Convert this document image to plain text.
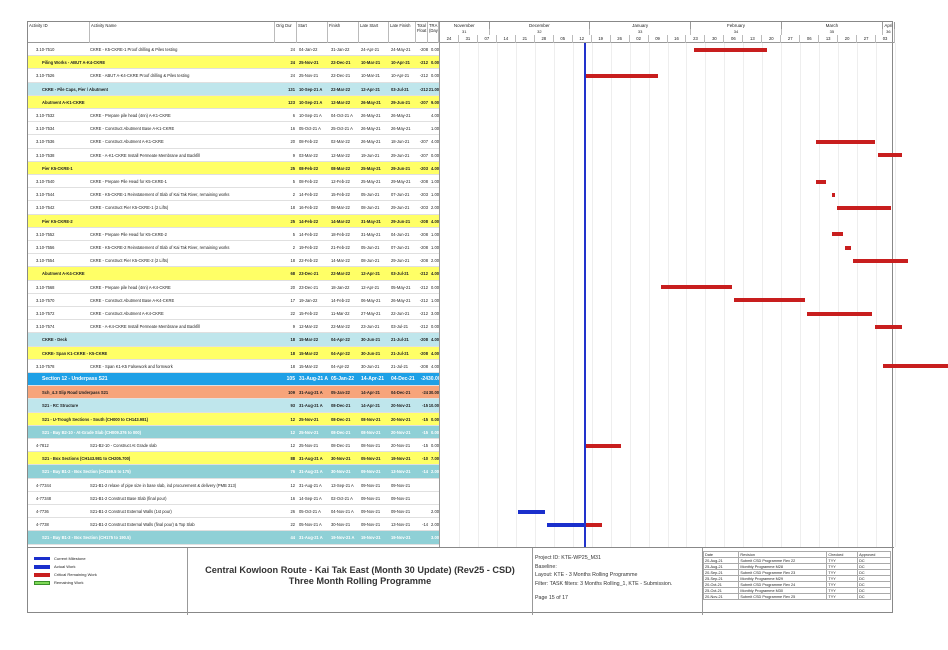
Activity ID	Activity Name	Orig Dur	Start	Finish	Late Start	Late Finish	Total Float
TRA (Day
3.10-7510	CKRE - K5-CKRE-1 Proof drilling & Piles testing	24 04-Jan-22	31-Jan-22	24-Apr-21	24-May-21	-208 0.00
Piling Works - ABUT A-K4-CKRE	24 25-Nov-21	22-Dec-21	10-Mar-21	10-Apr-21	-212 0.00
3.10-7526	CKRE - ABUT A-K4-CKRE Proof drilling & Piles testing	24 25-Nov-21	22-Dec-21	10-Mar-21	10-Apr-21	-212 0.00
CKRE - Pile Caps, Pier / Abutment	131 10-Sep-21 A	22-Mar-22	12-Apr-21	03-Jul-21	-212 21.00
Abutment A-K1-CKRE	123 10-Sep-21 A	12-Mar-22	26-May-21	29-Jun-21	-207 9.00
3.10-7532	CKRE - Prepare pile head (4nn) A-K1-CKRE	6 10-Sep-21 A	04-Oct-21 A	26-May-21	26-May-21	4.00
3.10-7534	CKRE - Construct Abutment Base A-K1-CKRE	16 05-Oct-21 A	25-Oct-21 A	26-May-21	26-May-21	1.00
3.10-7536	CKRE - Construct Abutment A-K1-CKRE	20 08-Feb-22	02-Mar-22	26-May-21	18-Jun-21	-207 4.00
3.10-7538	CKRE - A-K1-CKRE Install Permeate Membrane and Backfill	9 03-Mar-22	12-Mar-22	19-Jun-21	29-Jun-21	-207 0.00
Pier K5-CKRE-1	25 08-Feb-22	08-Mar-22	25-May-21	29-Jun-21	-203 4.00
3.10-7540	CKRE - Prepare Pile Head for K5-CKRE-1	5 08-Feb-22	12-Feb-22	25-May-21	29-May-21	-208 1.00
3.10-7544	CKRE - K5-CKRE-1 Reinstatement of Slab of Kai Tak River, remaining works	2 14-Feb-22	15-Feb-22	05-Jun-21	07-Jun-21	-203 1.00
3.10-7542	CKRE - Construct Pier K5-CKRE-1 (2 Lifts)	18 16-Feb-22	08-Mar-22	08-Jun-21	29-Jun-21	-203 2.00
Pier K5-CKRE-2	25 14-Feb-22	14-Mar-22	31-May-21	29-Jun-21	-208 4.00
3.10-7552	CKRE - Prepare Pile Head for K5-CKRE-2	5 14-Feb-22	18-Feb-22	31-May-21	04-Jun-21	-208 1.00
3.10-7556	CKRE - K5-CKRE-2 Reinstatement of Slab of Kai Tak River, remaining works	2 19-Feb-22	21-Feb-22	05-Jun-21	07-Jun-21	-208 1.00
3.10-7554	CKRE - Construct Pier K5-CKRE-2 (2 Lifts)	18 22-Feb-22	14-Mar-22	08-Jun-21	29-Jun-21	-208 2.00
Abutment A-K4-CKRE	68 23-Dec-21	22-Mar-22	12-Apr-21	03-Jul-21	-212 4.00
3.10-7568	CKRE - Prepare pile head (4nn) A-K4-CKRE	20 23-Dec-21	18-Jan-22	12-Apr-21	05-May-21	-212 0.00
3.10-7570	CKRE - Construct Abutment Base A-K4-CKRE	17 19-Jan-22	14-Feb-22	06-May-21	26-May-21	-212 1.00
3.10-7572	CKRE - Construct Abutment A-K4-CKRE	22 15-Feb-22	11-Mar-22	27-May-21	22-Jun-21	-212 3.00
3.10-7574	CKRE - A-K4-CKRE Install Permeate Membrane and Backfill	9 12-Mar-22	22-Mar-22	23-Jun-21	03-Jul-21	-212 0.00
CKRE - Deck	18 15-Mar-22	04-Apr-22	30-Jun-21	21-Jul-21	-208 4.00
CKRE- Span K1-CKRE - K5-CKRE	18 15-Mar-22	04-Apr-22	30-Jun-21	21-Jul-21	-208 4.00
3.10-7578	CKRE - Span K1-K5 Falsework and formwork	18 15-Mar-22	04-Apr-22	30-Jun-21	21-Jul-21	-208 4.00
Section 12 - Underpass S21	105 31-Aug-21 A 05-Jan-22	14-Apr-21	04-Dec-21	-24 30.00
Sch_4.3 Slip Road Underpass S21	109 31-Aug-21 A	05-Jan-22	14-Apr-21	04-Dec-21	-24 30.00
S21 - RC Structure	93 31-Aug-21 A	08-Dec-21	14-Apr-21	20-Nov-21	-15 10.00
S21 - U-Trough Sections - South (CH000 to CH143.981)	12 25-Nov-21	08-Dec-21	08-Nov-21	20-Nov-21	-15 0.00
S21 - Bay B2-10 - At-Grade Slab (CH009.376 to 000)	12 25-Nov-21	08-Dec-21	08-Nov-21	20-Nov-21	-15 0.00
4-7812	S21-B2-10 - Construct At Grade slab	12 25-Nov-21	08-Dec-21	08-Nov-21	20-Nov-21	-15 0.00
S21 - Box Sections (CH143.981 to CH205.700)	88 31-Aug-21 A	30-Nov-21	05-Nov-21	19-Nov-21	-10 7.00
S21 - Bay B1-2 - Box Section (CH159.5 to 175)	76 31-Aug-21 A	30-Nov-21	09-Nov-21	13-Nov-21	-14 2.00
4-77344	S21-B1-2 relaxe of pipe size in base slab, ind procurement & delivery (PMB 313)	12 31-Aug-21 A	13-Sep-21 A	09-Nov-21	09-Nov-21
4-77348	S21-B1-2 Construct Base Slab (final pour)	16 14-Sep-21 A	02-Oct-21 A	09-Nov-21	09-Nov-21
4-7736	S21-B1-2 Construct External Walls (1st pour)	26 05-Oct-21 A	04-Nov-21 A	09-Nov-21	09-Nov-21	2.00
4-7738	S21-B1-2 Construct External Walls (final pour) & Top Slab	22 05-Nov-21 A	30-Nov-21	09-Nov-21	13-Nov-21	-14 2.00
S21 - Bay B1-3 - Box Section (CH175 to 190.5)	44 31-Aug-21 A	19-Nov-21 A	19-Nov-21	19-Nov-21	3.00
November	December	January	February	March	Apri
31	32	33	34	35	36
24	31	07	14	21	28	05	12	19	26	02	09	16	23	30	06	13	20	27	06	13	20	27	03
Current Milestone
Actual Work
Critical Remaining Work
Remaining Work
Central Kowloon Route - Kai Tak East (Month 30 Update) (Rev25 - CSD)
Three Month Rolling Programme
Project ID: KTE-WP25_M31
Baseline:
Layout: KTE - 3 Months Rolling Programme
Filter: TASK filters: 3 Months Rolling_1, KTE - Submission.
Page 15 of 17
Date	Revision	Checked	Approved
20-Aug-21	Submit CSD Programme Rev 22	TYY	DC
25-Aug-21	Monthly Programme M28	TYY	DC
20-Sep-21	Submit CSD Programme Rev 23	TYY	DC
25-Sep-21	Monthly Programme M29	TYY	DC
20-Oct-21	Submit CSD Programme Rev 24	TYY	DC
25-Oct-21	Monthly Programme M30	TYY	DC
20-Nov-21	Submit CSD Programme Rev 25	TYY	DC
